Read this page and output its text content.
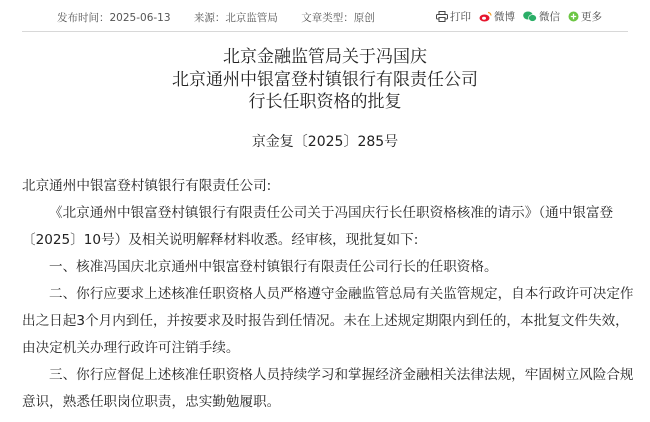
发布时间：2025-06-13 来源：北京监管局 文章类型：原创	打印 微博 微信 更多
北京金融监管局关于冯国庆
北京通州中银富登村镇银行有限责任公司
行长任职资格的批复
京金复〔2025〕285号

北京通州中银富登村镇银行有限责任公司:

《北京通州中银富登村镇银行有限责任公司关于冯国庆行长任职资格核准的请示》（通中银富登〔2025〕10号）及相关说明解释材料收悉。经审核，现批复如下:

一、核准冯国庆北京通州中银富登村镇银行有限责任公司行长的任职资格。

二、你行应要求上述核准任职资格人员严格遵守金融监管总局有关监管规定，自本行政许可决定作出之日起3个月内到任，并按要求及时报告到任情况。未在上述规定期限内到任的，本批复文件失效，由决定机关办理行政许可注销手续。

三、你行应督促上述核准任职资格人员持续学习和掌握经济金融相关法律法规，牢固树立风险合规意识，熟悉任职岗位职责，忠实勤勉履职。
